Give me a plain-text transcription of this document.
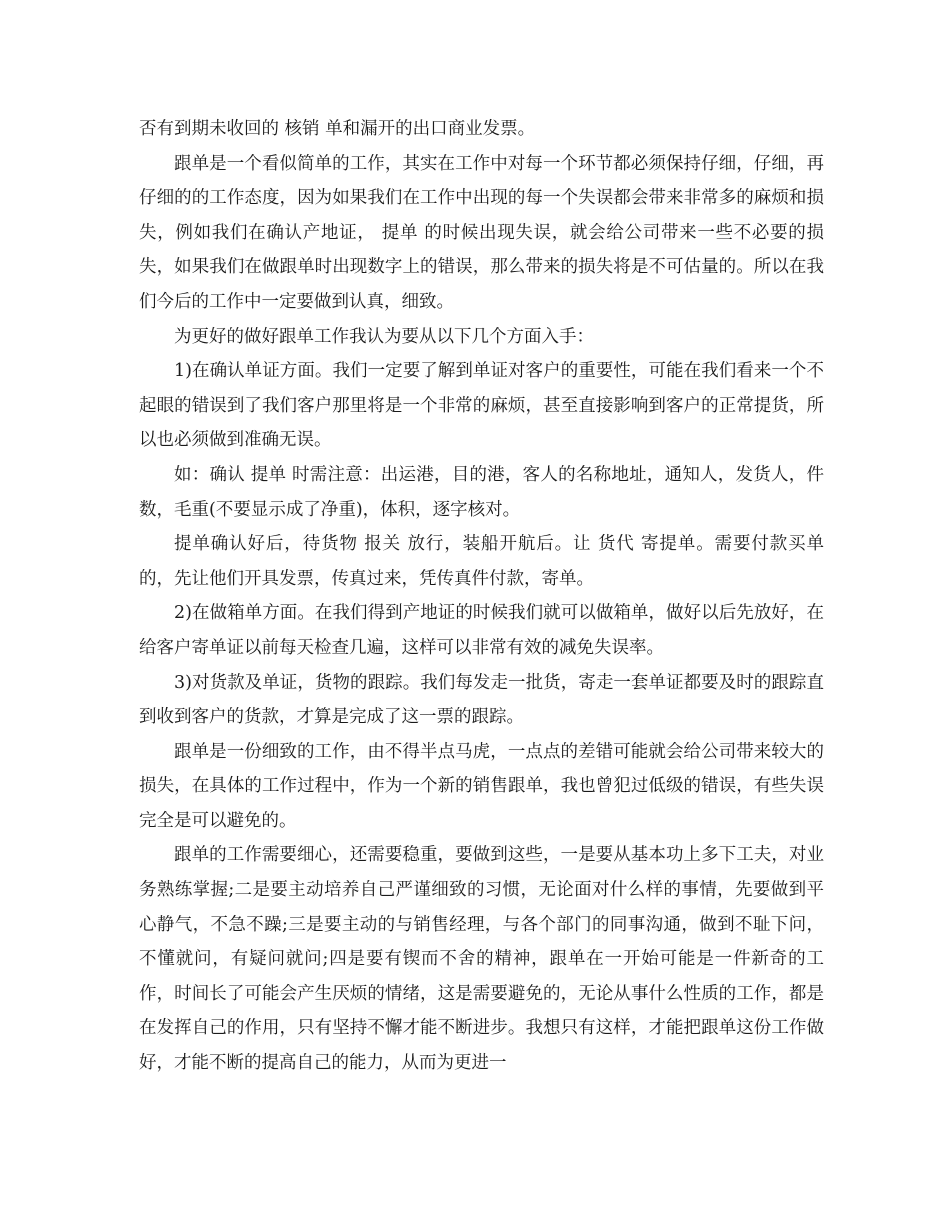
否有到期未收回的 核销 单和漏开的出口商业发票。

跟单是一个看似简单的工作，其实在工作中对每一个环节都必须保持仔细，仔细，再仔细的的工作态度，因为如果我们在工作中出现的每一个失误都会带来非常多的麻烦和损失，例如我们在确认产地证， 提单 的时候出现失误，就会给公司带来一些不必要的损失，如果我们在做跟单时出现数字上的错误，那么带来的损失将是不可估量的。所以在我们今后的工作中一定要做到认真，细致。

为更好的做好跟单工作我认为要从以下几个方面入手：

1)在确认单证方面。我们一定要了解到单证对客户的重要性，可能在我们看来一个不起眼的错误到了我们客户那里将是一个非常的麻烦，甚至直接影响到客户的正常提货，所以也必须做到准确无误。

如：确认 提单 时需注意：出运港，目的港，客人的名称地址，通知人，发货人，件数，毛重(不要显示成了净重)，体积，逐字核对。

提单确认好后，待货物 报关 放行，装船开航后。让 货代 寄提单。需要付款买单的，先让他们开具发票，传真过来，凭传真件付款，寄单。

2)在做箱单方面。在我们得到产地证的时候我们就可以做箱单，做好以后先放好，在给客户寄单证以前每天检查几遍，这样可以非常有效的减免失误率。

3)对货款及单证，货物的跟踪。我们每发走一批货，寄走一套单证都要及时的跟踪直到收到客户的货款，才算是完成了这一票的跟踪。

跟单是一份细致的工作，由不得半点马虎，一点点的差错可能就会给公司带来较大的损失，在具体的工作过程中，作为一个新的销售跟单，我也曾犯过低级的错误，有些失误完全是可以避免的。

跟单的工作需要细心，还需要稳重，要做到这些，一是要从基本功上多下工夫，对业务熟练掌握;二是要主动培养自己严谨细致的习惯，无论面对什么样的事情，先要做到平心静气，不急不躁;三是要主动的与销售经理，与各个部门的同事沟通，做到不耻下问，不懂就问，有疑问就问;四是要有锲而不舍的精神，跟单在一开始可能是一件新奇的工作，时间长了可能会产生厌烦的情绪，这是需要避免的，无论从事什么性质的工作，都是在发挥自己的作用，只有坚持不懈才能不断进步。我想只有这样，才能把跟单这份工作做好，才能不断的提高自己的能力，从而为更进一
